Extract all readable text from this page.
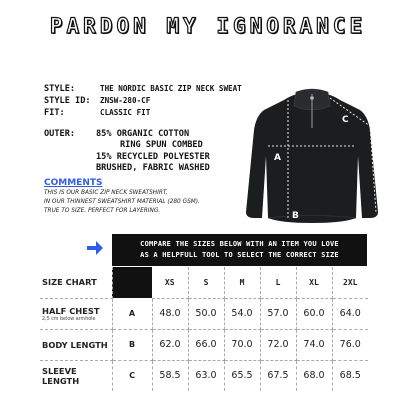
PARDON MY IGNORANCE
STYLE:	THE NORDIC BASIC ZIP NECK SWEAT
STYLE ID: ZNSW-280-CF
FIT:	CLASSIC FIT
OUTER: 85% ORGANIC COTTON
RING SPUN COMBED
15% RECYCLED POLYESTER
BRUSHED, FABRIC WASHED
COMMENTS
THIS IS OUR BASIC ZIP NECK SWEATSHIRT,
IN OUR THINNEST SWEATSHIRT MATERIAL (280 GSM).
TRUE TO SIZE. PERFECT FOR LAYERING.
A
B
C
COMPARE THE SIZES BELOW WITH AN ITEM YOU LOVE
AS A HELPFULL TOOL TO SELECT THE CORRECT SIZE
SIZE CHART		XS	S	M	L	XL	2XL
HALF CHEST
2,5 cm below armhole	A	48.0	50.0	54.0	57.0	60.0	64.0
BODY LENGTH	B	62.0	66.0	70.0	72.0	74.0	76.0
SLEEVE LENGTH	C	58.5	63.0	65.5	67.5	68.0	68.5
